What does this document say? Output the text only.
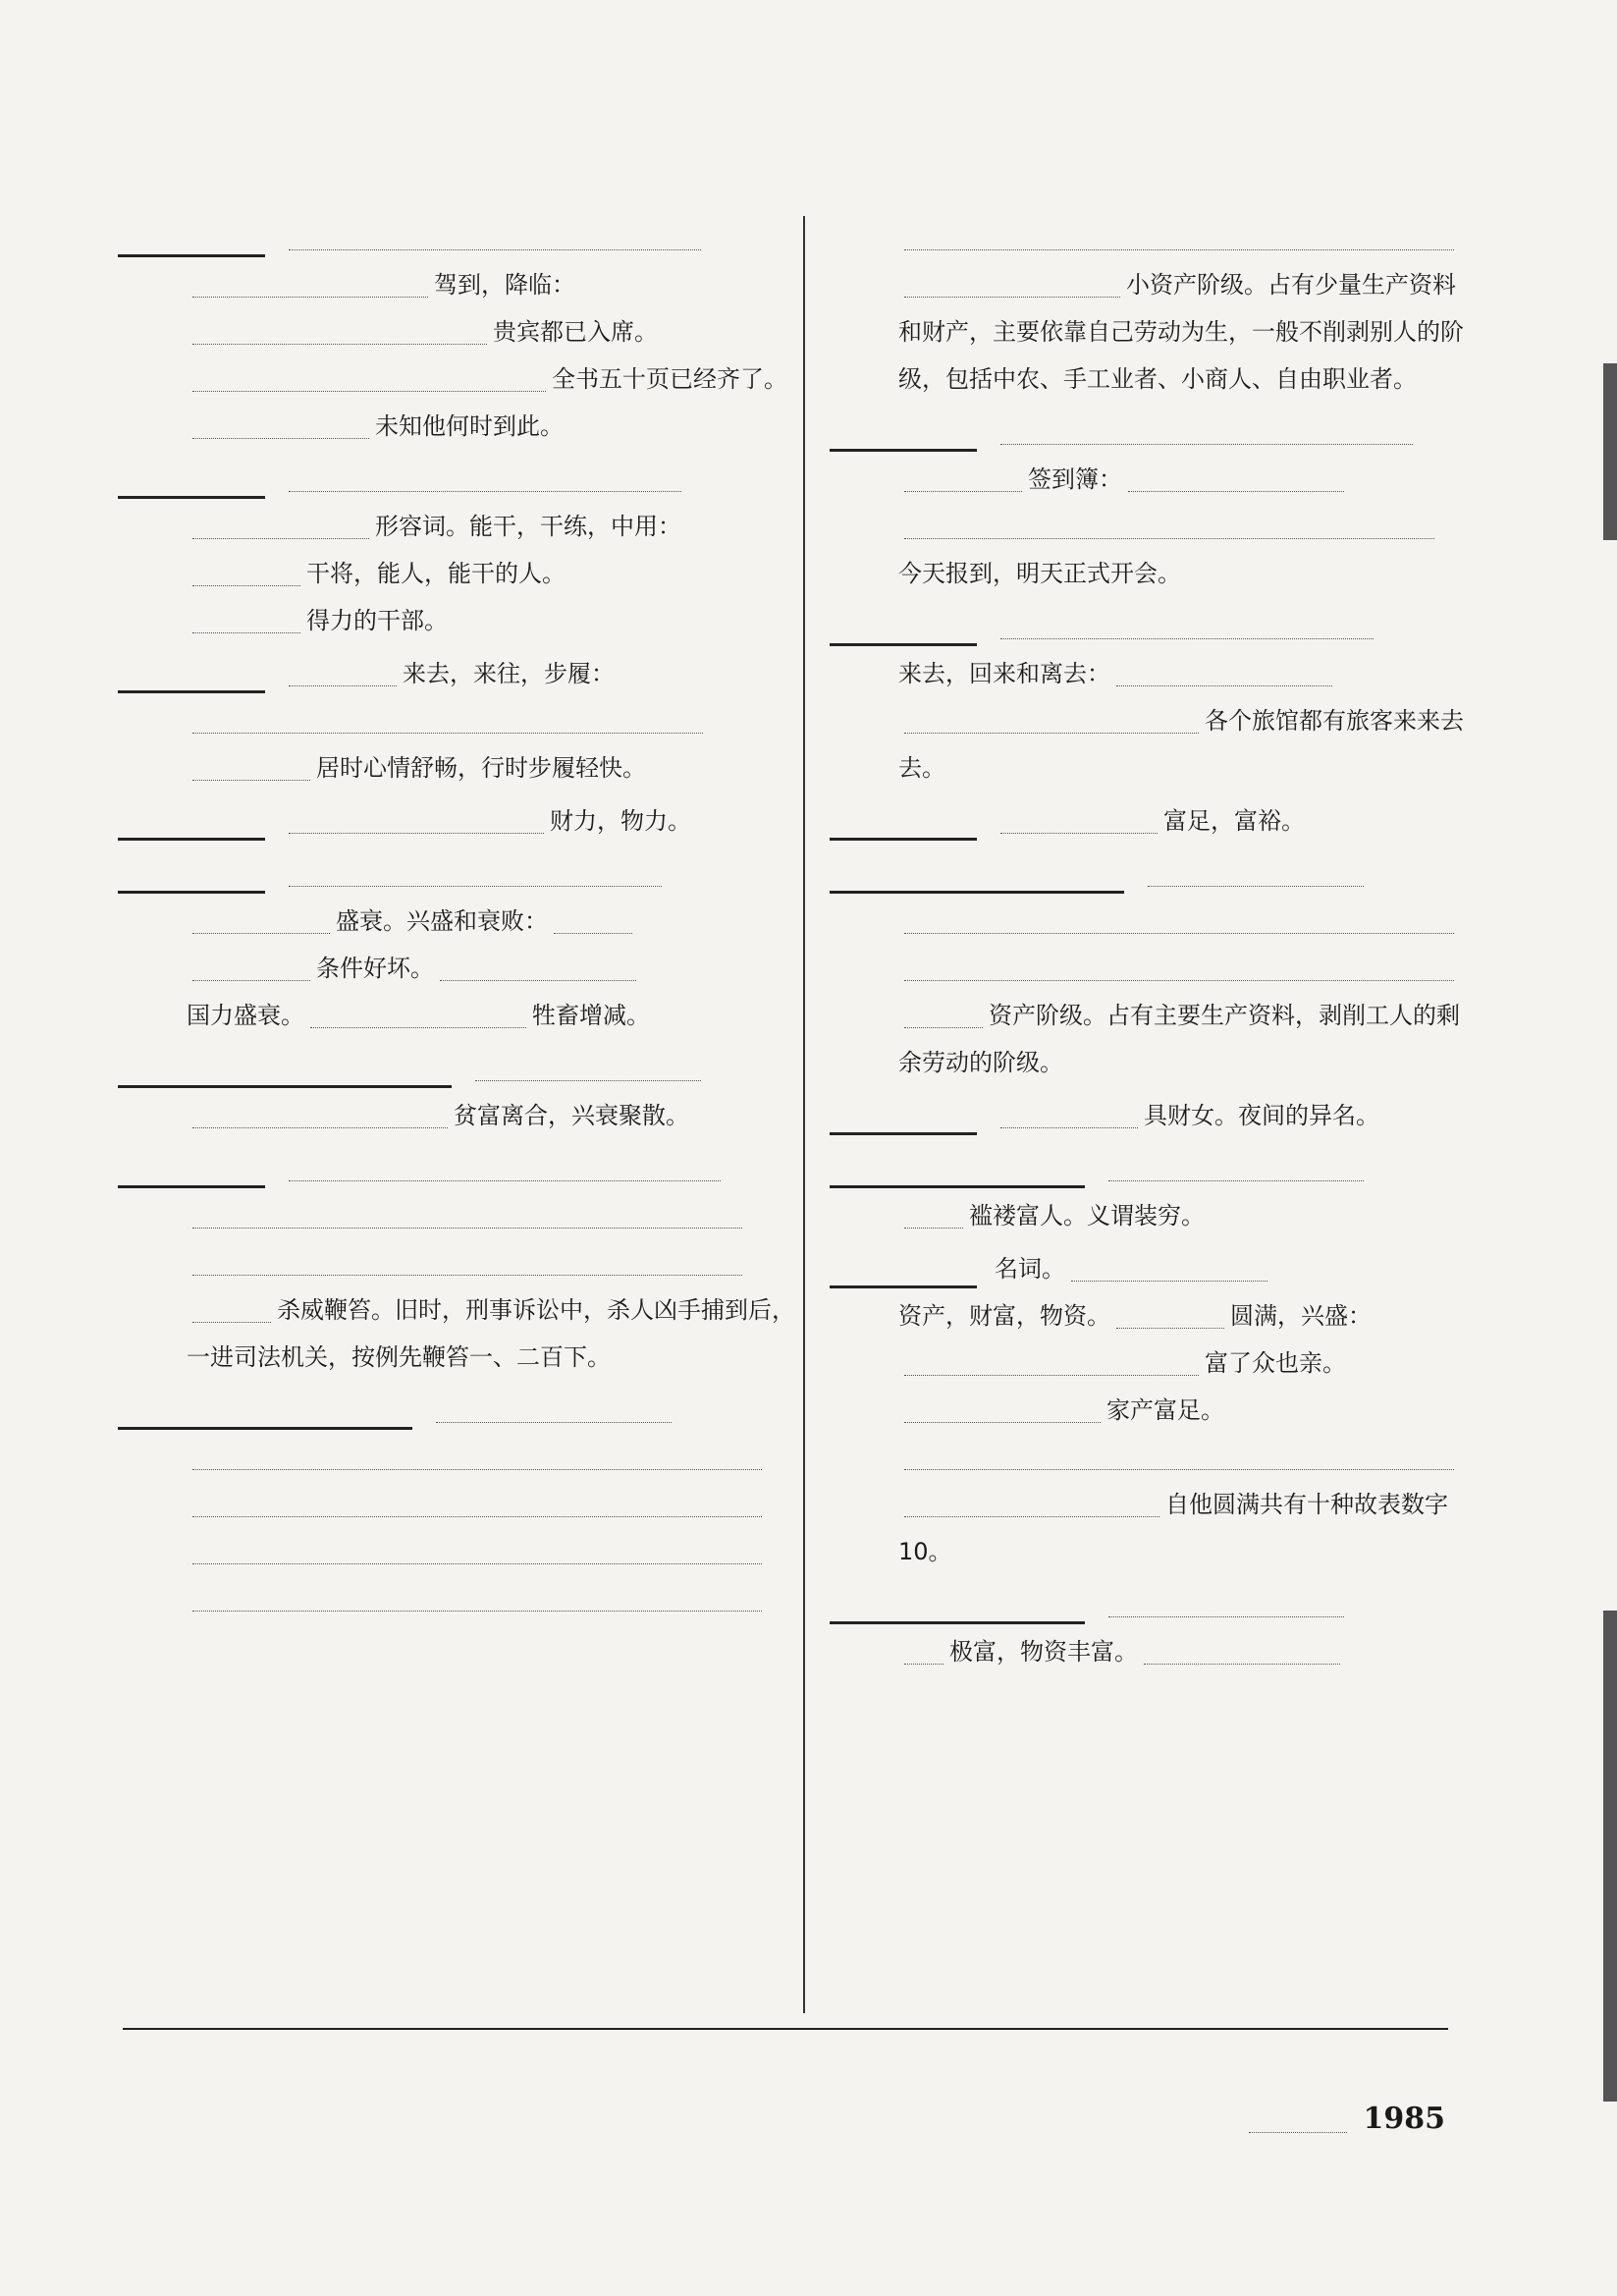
驾到，降临：
贵宾都已入席。
全书五十页已经齐了。
未知他何时到此。
形容词。能干，干练，中用：
干将，能人，能干的人。
得力的干部。
来去，来往，步履：
居时心情舒畅，行时步履轻快。
财力，物力。
盛衰。兴盛和衰败：
条件好坏。
国力盛衰。	牲畜增减。
贫富离合，兴衰聚散。
杀威鞭笞。旧时，刑事诉讼中，杀人凶手捕到后，一进司法机关，按例先鞭笞一、二百下。
小资产阶级。占有少量生产资料和财产，主要依靠自己劳动为生，一般不削剥别人的阶级，包括中农、手工业者、小商人、自由职业者。
签到簿：
今天报到，明天正式开会。
来去，回来和离去：
各个旅馆都有旅客来来去去。
富足，富裕。
资产阶级。占有主要生产资料，剥削工人的剩余劳动的阶级。
具财女。夜间的异名。
褴褛富人。义谓装穷。
名词。
资产，财富，物资。	圆满，兴盛：
富了众也亲。
家产富足。
自他圆满共有十种故表数字10。
极富，物资丰富。
1985
